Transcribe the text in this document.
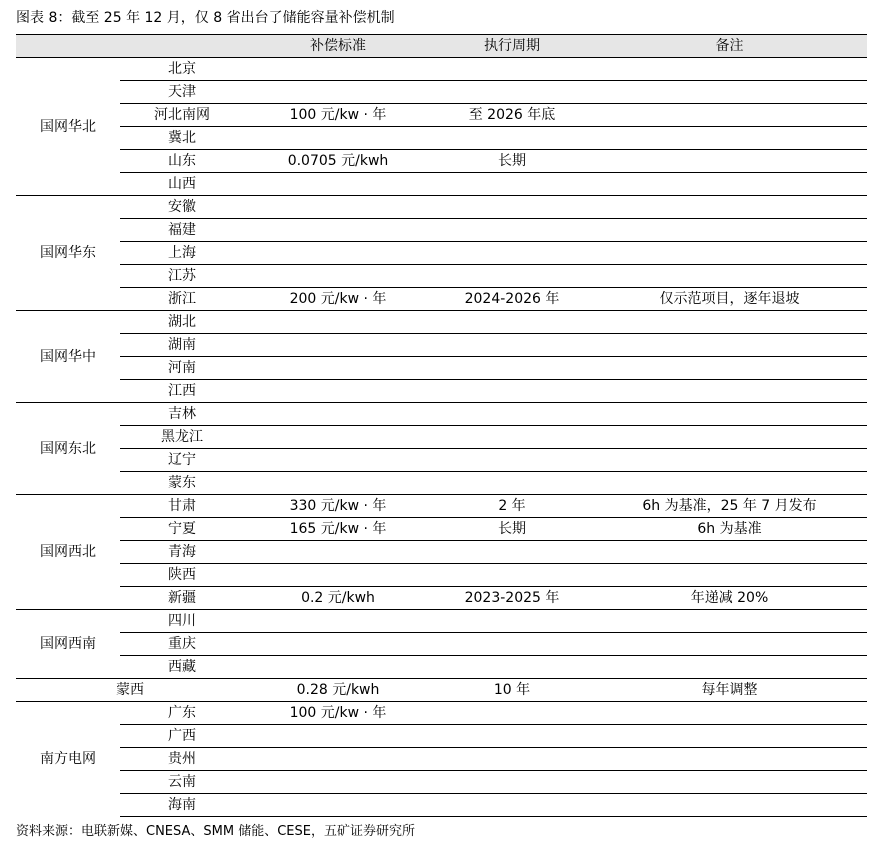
图表 8：截至 25 年 12 月，仅 8 省出台了储能容量补偿机制
		补偿标准	执行周期	备注
国网华北	北京			
	天津			
	河北南网	100 元/kw · 年	至 2026 年底	
	冀北			
	山东	0.0705 元/kwh	长期	
	山西			
国网华东	安徽			
	福建			
	上海			
	江苏			
	浙江	200 元/kw · 年	2024-2026 年	仅示范项目，逐年退坡
国网华中	湖北			
	湖南			
	河南			
	江西			
国网东北	吉林			
	黑龙江			
	辽宁			
	蒙东			
国网西北	甘肃	330 元/kw · 年	2 年	6h 为基准，25 年 7 月发布
	宁夏	165 元/kw · 年	长期	6h 为基准
	青海			
	陕西			
	新疆	0.2 元/kwh	2023-2025 年	年递减 20%
国网西南	四川			
	重庆			
	西藏			
蒙西		0.28 元/kwh	10 年	每年调整
南方电网	广东	100 元/kw · 年		
	广西			
	贵州			
	云南			
	海南			
资料来源：电联新媒、CNESA、SMM 储能、CESE，五矿证券研究所
